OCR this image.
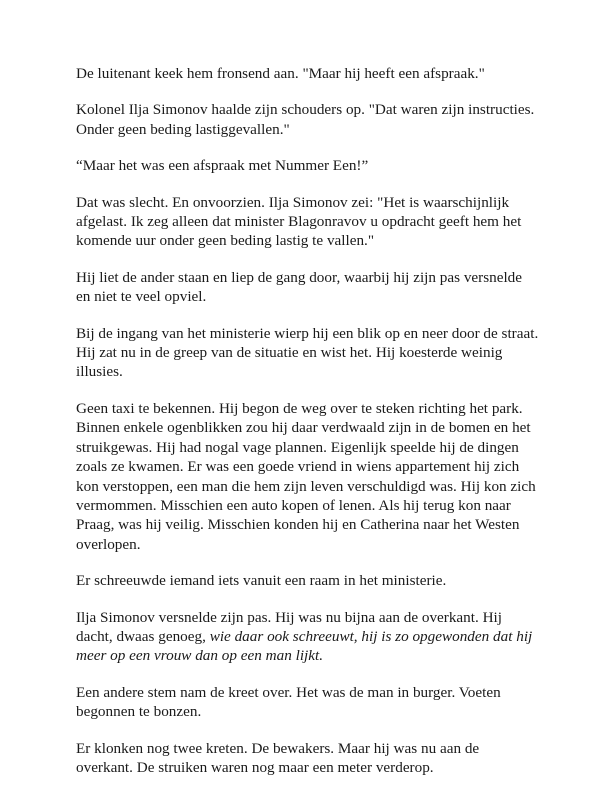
De luitenant keek hem fronsend aan. "Maar hij heeft een afspraak."

Kolonel Ilja Simonov haalde zijn schouders op. "Dat waren zijn instructies.
Onder geen beding lastiggevallen."

“Maar het was een afspraak met Nummer Een!”

Dat was slecht. En onvoorzien. Ilja Simonov zei: "Het is waarschijnlijk
afgelast. Ik zeg alleen dat minister Blagonravov u opdracht geeft hem het
komende uur onder geen beding lastig te vallen."

Hij liet de ander staan en liep de gang door, waarbij hij zijn pas versnelde
en niet te veel opviel.

Bij de ingang van het ministerie wierp hij een blik op en neer door de straat.
Hij zat nu in de greep van de situatie en wist het. Hij koesterde weinig
illusies.

Geen taxi te bekennen. Hij begon de weg over te steken richting het park.
Binnen enkele ogenblikken zou hij daar verdwaald zijn in de bomen en het
struikgewas. Hij had nogal vage plannen. Eigenlijk speelde hij de dingen
zoals ze kwamen. Er was een goede vriend in wiens appartement hij zich
kon verstoppen, een man die hem zijn leven verschuldigd was. Hij kon zich
vermommen. Misschien een auto kopen of lenen. Als hij terug kon naar
Praag, was hij veilig. Misschien konden hij en Catherina naar het Westen
overlopen.

Er schreeuwde iemand iets vanuit een raam in het ministerie.

Ilja Simonov versnelde zijn pas. Hij was nu bijna aan de overkant. Hij
dacht, dwaas genoeg, wie daar ook schreeuwt, hij is zo opgewonden dat hij
meer op een vrouw dan op een man lijkt.

Een andere stem nam de kreet over. Het was de man in burger. Voeten
begonnen te bonzen.

Er klonken nog twee kreten. De bewakers. Maar hij was nu aan de
overkant. De struiken waren nog maar een meter verderop.
